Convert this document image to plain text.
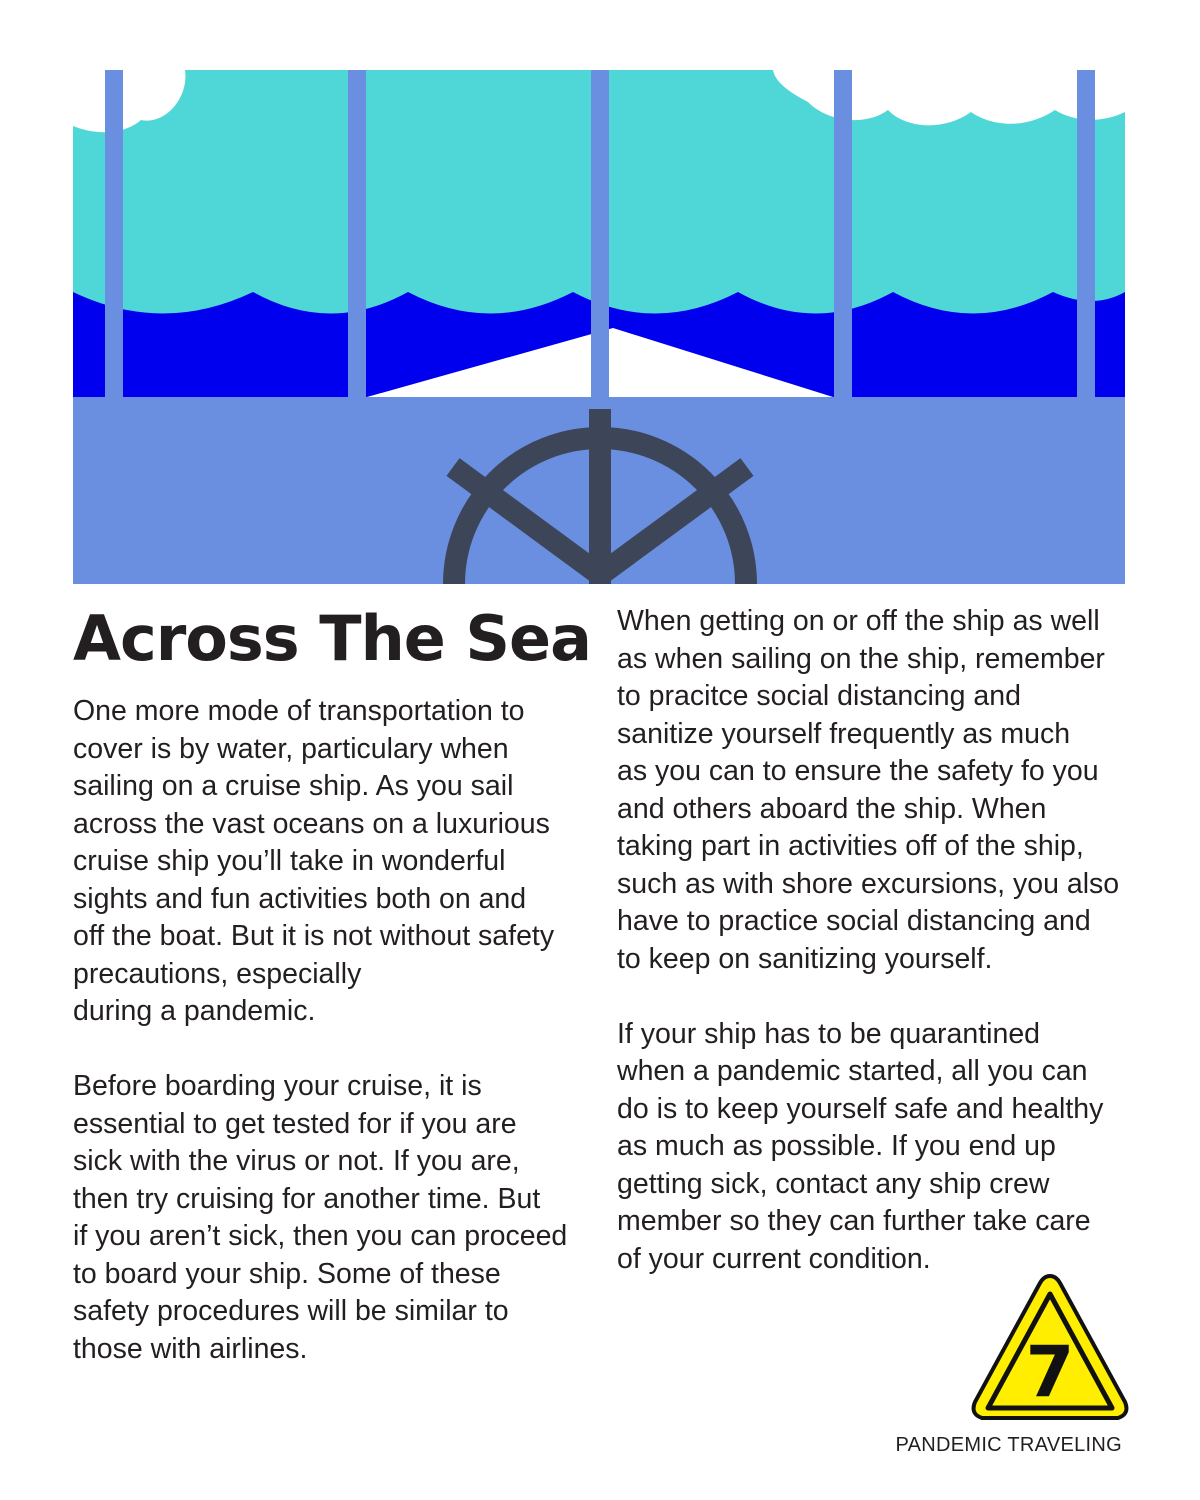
Across The Sea

One more mode of transportation to
cover is by water, particulary when
sailing on a cruise ship. As you sail
across the vast oceans on a luxurious
cruise ship you’ll take in wonderful
sights and fun activities both on and
off the boat. But it is not without safety
precautions, especially
during a pandemic.

Before boarding your cruise, it is
essential to get tested for if you are
sick with the virus or not. If you are,
then try cruising for another time. But
if you aren’t sick, then you can proceed
to board your ship. Some of these
safety procedures will be similar to
those with airlines.

When getting on or off the ship as well
as when sailing on the ship, remember
to pracitce social distancing and
sanitize yourself frequently as much
as you can to ensure the safety fo you
and others aboard the ship. When
taking part in activities off of the ship,
such as with shore excursions, you also
have to practice social distancing and
to keep on sanitizing yourself.

If your ship has to be quarantined
when a pandemic started, all you can
do is to keep yourself safe and healthy
as much as possible. If you end up
getting sick, contact any ship crew
member so they can further take care
of your current condition.

7
PANDEMIC TRAVELING
